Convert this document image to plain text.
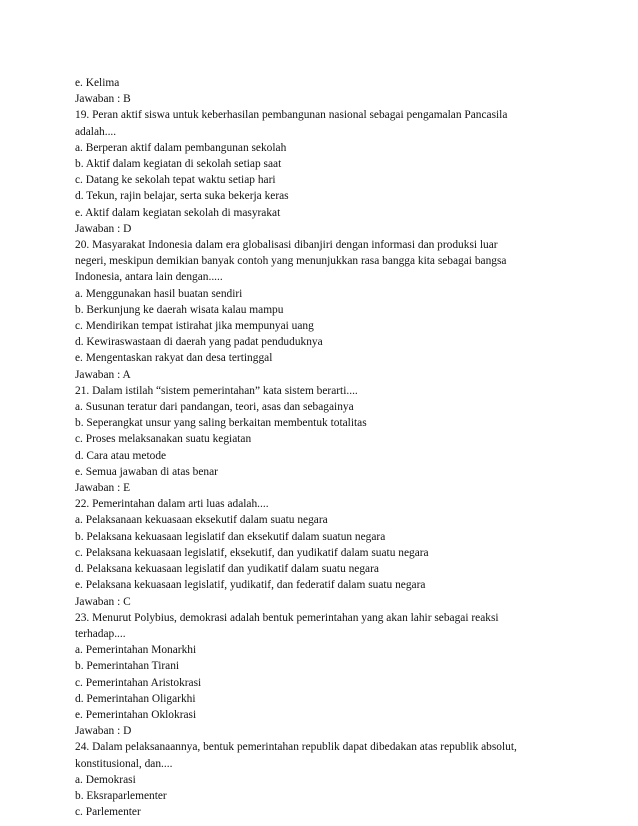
e. Kelima
Jawaban : B
19. Peran aktif siswa untuk keberhasilan pembangunan nasional sebagai pengamalan Pancasila
adalah....
a. Berperan aktif dalam pembangunan sekolah
b. Aktif dalam kegiatan di sekolah setiap saat
c. Datang ke sekolah tepat waktu setiap hari
d. Tekun, rajin belajar, serta suka bekerja keras
e. Aktif dalam kegiatan sekolah di masyrakat
Jawaban : D
20. Masyarakat Indonesia dalam era globalisasi dibanjiri dengan informasi dan produksi luar
negeri, meskipun demikian banyak contoh yang menunjukkan rasa bangga kita sebagai bangsa
Indonesia, antara lain dengan.....
a. Menggunakan hasil buatan sendiri
b. Berkunjung ke daerah wisata kalau mampu
c. Mendirikan tempat istirahat jika mempunyai uang
d. Kewiraswastaan di daerah yang padat penduduknya
e. Mengentaskan rakyat dan desa tertinggal
Jawaban : A
21. Dalam istilah “sistem pemerintahan” kata sistem berarti....
a. Susunan teratur dari pandangan, teori, asas dan sebagainya
b. Seperangkat unsur yang saling berkaitan membentuk totalitas
c. Proses melaksanakan suatu kegiatan
d. Cara atau metode
e. Semua jawaban di atas benar
Jawaban : E
22. Pemerintahan dalam arti luas adalah....
a. Pelaksanaan kekuasaan eksekutif dalam suatu negara
b. Pelaksana kekuasaan legislatif dan eksekutif dalam suatun negara
c. Pelaksana kekuasaan legislatif, eksekutif, dan yudikatif dalam suatu negara
d. Pelaksana kekuasaan legislatif dan yudikatif dalam suatu negara
e. Pelaksana kekuasaan legislatif, yudikatif, dan federatif dalam suatu negara
Jawaban : C
23. Menurut Polybius, demokrasi adalah bentuk pemerintahan yang akan lahir sebagai reaksi
terhadap....
a. Pemerintahan Monarkhi
b. Pemerintahan Tirani
c. Pemerintahan Aristokrasi
d. Pemerintahan Oligarkhi
e. Pemerintahan Oklokrasi
Jawaban : D
24. Dalam pelaksanaannya, bentuk pemerintahan republik dapat dibedakan atas republik absolut,
konstitusional, dan....
a. Demokrasi
b. Eksraparlementer
c. Parlementer
